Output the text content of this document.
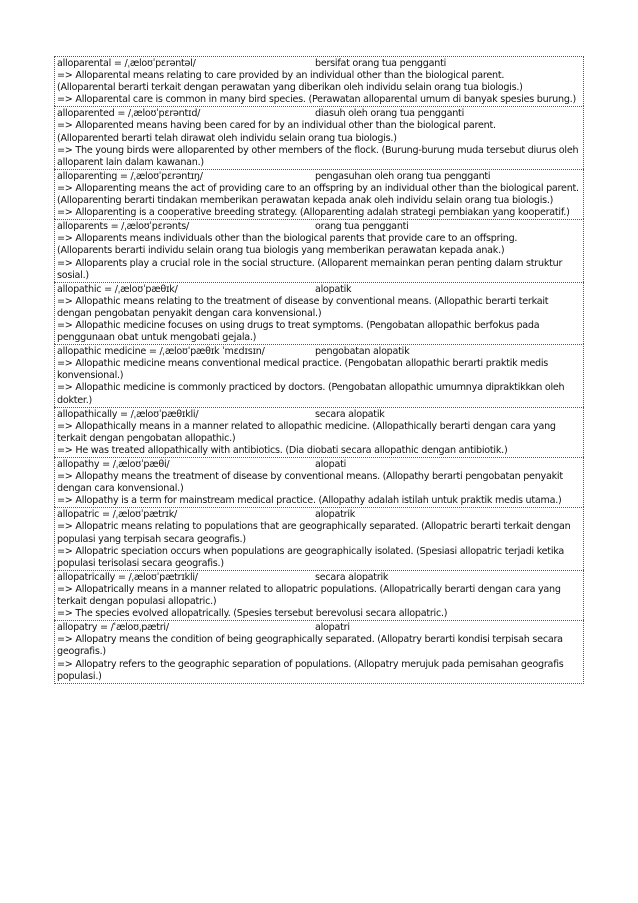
alloparental = /ˌæloʊˈpɛrəntəl/	bersifat orang tua pengganti
=> Alloparental means relating to care provided by an individual other than the biological parent.
(Alloparental berarti terkait dengan perawatan yang diberikan oleh individu selain orang tua biologis.)
=> Alloparental care is common in many bird species. (Perawatan alloparental umum di banyak spesies burung.)
alloparented = /ˌæloʊˈpɛrəntɪd/	diasuh oleh orang tua pengganti
=> Alloparented means having been cared for by an individual other than the biological parent.
(Alloparented berarti telah dirawat oleh individu selain orang tua biologis.)
=> The young birds were alloparented by other members of the flock. (Burung-burung muda tersebut diurus oleh alloparent lain dalam kawanan.)
alloparenting = /ˌæloʊˈpɛrəntɪŋ/	pengasuhan oleh orang tua pengganti
=> Alloparenting means the act of providing care to an offspring by an individual other than the biological parent. (Alloparenting berarti tindakan memberikan perawatan kepada anak oleh individu selain orang tua biologis.)
=> Alloparenting is a cooperative breeding strategy. (Alloparenting adalah strategi pembiakan yang kooperatif.)
alloparents = /ˌæloʊˈpɛrənts/	orang tua pengganti
=> Alloparents means individuals other than the biological parents that provide care to an offspring.
(Alloparents berarti individu selain orang tua biologis yang memberikan perawatan kepada anak.)
=> Alloparents play a crucial role in the social structure. (Alloparent memainkan peran penting dalam struktur sosial.)
allopathic = /ˌæloʊˈpæθɪk/	alopatik
=> Allopathic means relating to the treatment of disease by conventional means. (Allopathic berarti terkait dengan pengobatan penyakit dengan cara konvensional.)
=> Allopathic medicine focuses on using drugs to treat symptoms. (Pengobatan allopathic berfokus pada penggunaan obat untuk mengobati gejala.)
allopathic medicine = /ˌæloʊˈpæθɪk ˈmɛdɪsɪn/	pengobatan alopatik
=> Allopathic medicine means conventional medical practice. (Pengobatan allopathic berarti praktik medis konvensional.)
=> Allopathic medicine is commonly practiced by doctors. (Pengobatan allopathic umumnya dipraktikkan oleh dokter.)
allopathically = /ˌæloʊˈpæθɪkli/	secara alopatik
=> Allopathically means in a manner related to allopathic medicine. (Allopathically berarti dengan cara yang terkait dengan pengobatan allopathic.)
=> He was treated allopathically with antibiotics. (Dia diobati secara allopathic dengan antibiotik.)
allopathy = /ˌæloʊˈpæθi/	alopati
=> Allopathy means the treatment of disease by conventional means. (Allopathy berarti pengobatan penyakit dengan cara konvensional.)
=> Allopathy is a term for mainstream medical practice. (Allopathy adalah istilah untuk praktik medis utama.)
allopatric = /ˌæloʊˈpætrɪk/	alopatrik
=> Allopatric means relating to populations that are geographically separated. (Allopatric berarti terkait dengan populasi yang terpisah secara geografis.)
=> Allopatric speciation occurs when populations are geographically isolated. (Spesiasi allopatric terjadi ketika populasi terisolasi secara geografis.)
allopatrically = /ˌæloʊˈpætrɪkli/	secara alopatrik
=> Allopatrically means in a manner related to allopatric populations. (Allopatrically berarti dengan cara yang terkait dengan populasi allopatric.)
=> The species evolved allopatrically. (Spesies tersebut berevolusi secara allopatric.)
allopatry = /ˈæloʊˌpætri/	alopatri
=> Allopatry means the condition of being geographically separated. (Allopatry berarti kondisi terpisah secara geografis.)
=> Allopatry refers to the geographic separation of populations. (Allopatry merujuk pada pemisahan geografis populasi.)
